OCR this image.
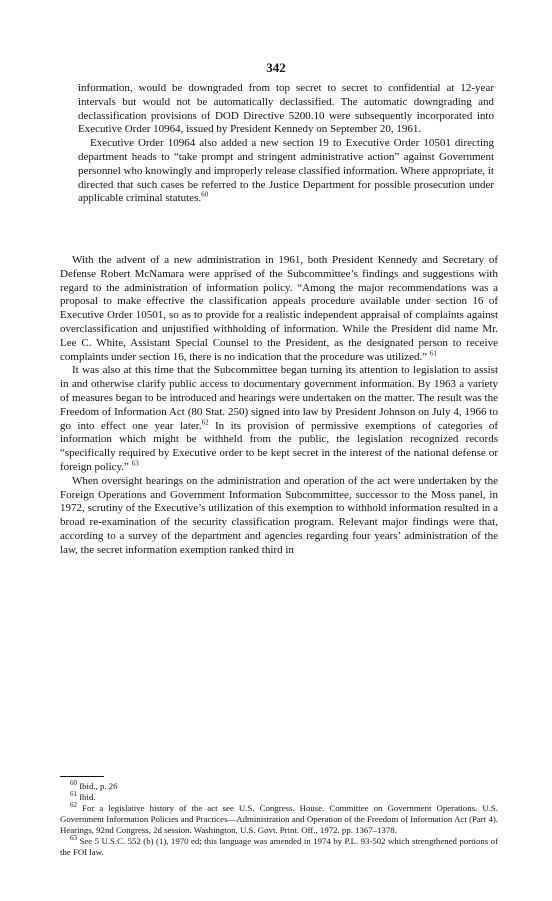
342

information, would be downgraded from top secret to secret to confidential at 12-year intervals but would not be automatically declassified. The automatic downgrading and declassification provisions of DOD Directive 5200.10 were subsequently incorporated into Executive Order 10964, issued by President Kennedy on September 20, 1961.

Executive Order 10964 also added a new section 19 to Executive Order 10501 directing department heads to “take prompt and stringent administrative action” against Government personnel who knowingly and improperly release classified information. Where appropriate, it directed that such cases be referred to the Justice Department for possible prosecution under applicable criminal statutes.$^{60}$

With the advent of a new administration in 1961, both President Kennedy and Secretary of Defense Robert McNamara were apprised of the Subcommittee’s findings and suggestions with regard to the administration of information policy. “Among the major recommendations was a proposal to make effective the classification appeals procedure available under section 16 of Executive Order 10501, so as to provide for a realistic independent appraisal of complaints against overclassification and unjustified withholding of information. While the President did name Mr. Lee C. White, Assistant Special Counsel to the President, as the designated person to receive complaints under section 16, there is no indication that the procedure was utilized.” $^{61}$

It was also at this time that the Subcommittee began turning its attention to legislation to assist in and otherwise clarify public access to documentary government information. By 1963 a variety of measures began to be introduced and hearings were undertaken on the matter. The result was the Freedom of Information Act (80 Stat. 250) signed into law by President Johnson on July 4, 1966 to go into effect one year later.$^{62}$ In its provision of permissive exemptions of categories of information which might be withheld from the public, the legislation recognized records “specifically required by Executive order to be kept secret in the interest of the national defense or foreign policy.” $^{63}$

When oversight hearings on the administration and operation of the act were undertaken by the Foreign Operations and Government Information Subcommittee, successor to the Moss panel, in 1972, scrutiny of the Executive’s utilization of this exemption to withhold information resulted in a broad re-examination of the security classification program. Relevant major findings were that, according to a survey of the department and agencies regarding four years’ administration of the law, the secret information exemption ranked third in

$^{60}$ Ibid., p. 26

$^{61}$ Ibid.

$^{62}$ For a legislative history of the act see U.S. Congress. House. Committee on Government Operations. U.S. Government Information Policies and Practices—Administration and Operation of the Freedom of Information Act (Part 4). Hearings, 92nd Congress, 2d session. Washington, U.S. Govt. Print. Off., 1972. pp. 1367–1378.

$^{63}$ See 5 U.S.C. 552 (b) (1), 1970 ed; this language was amended in 1974 by P.L. 93-502 which strengthened portions of the FOI law.
